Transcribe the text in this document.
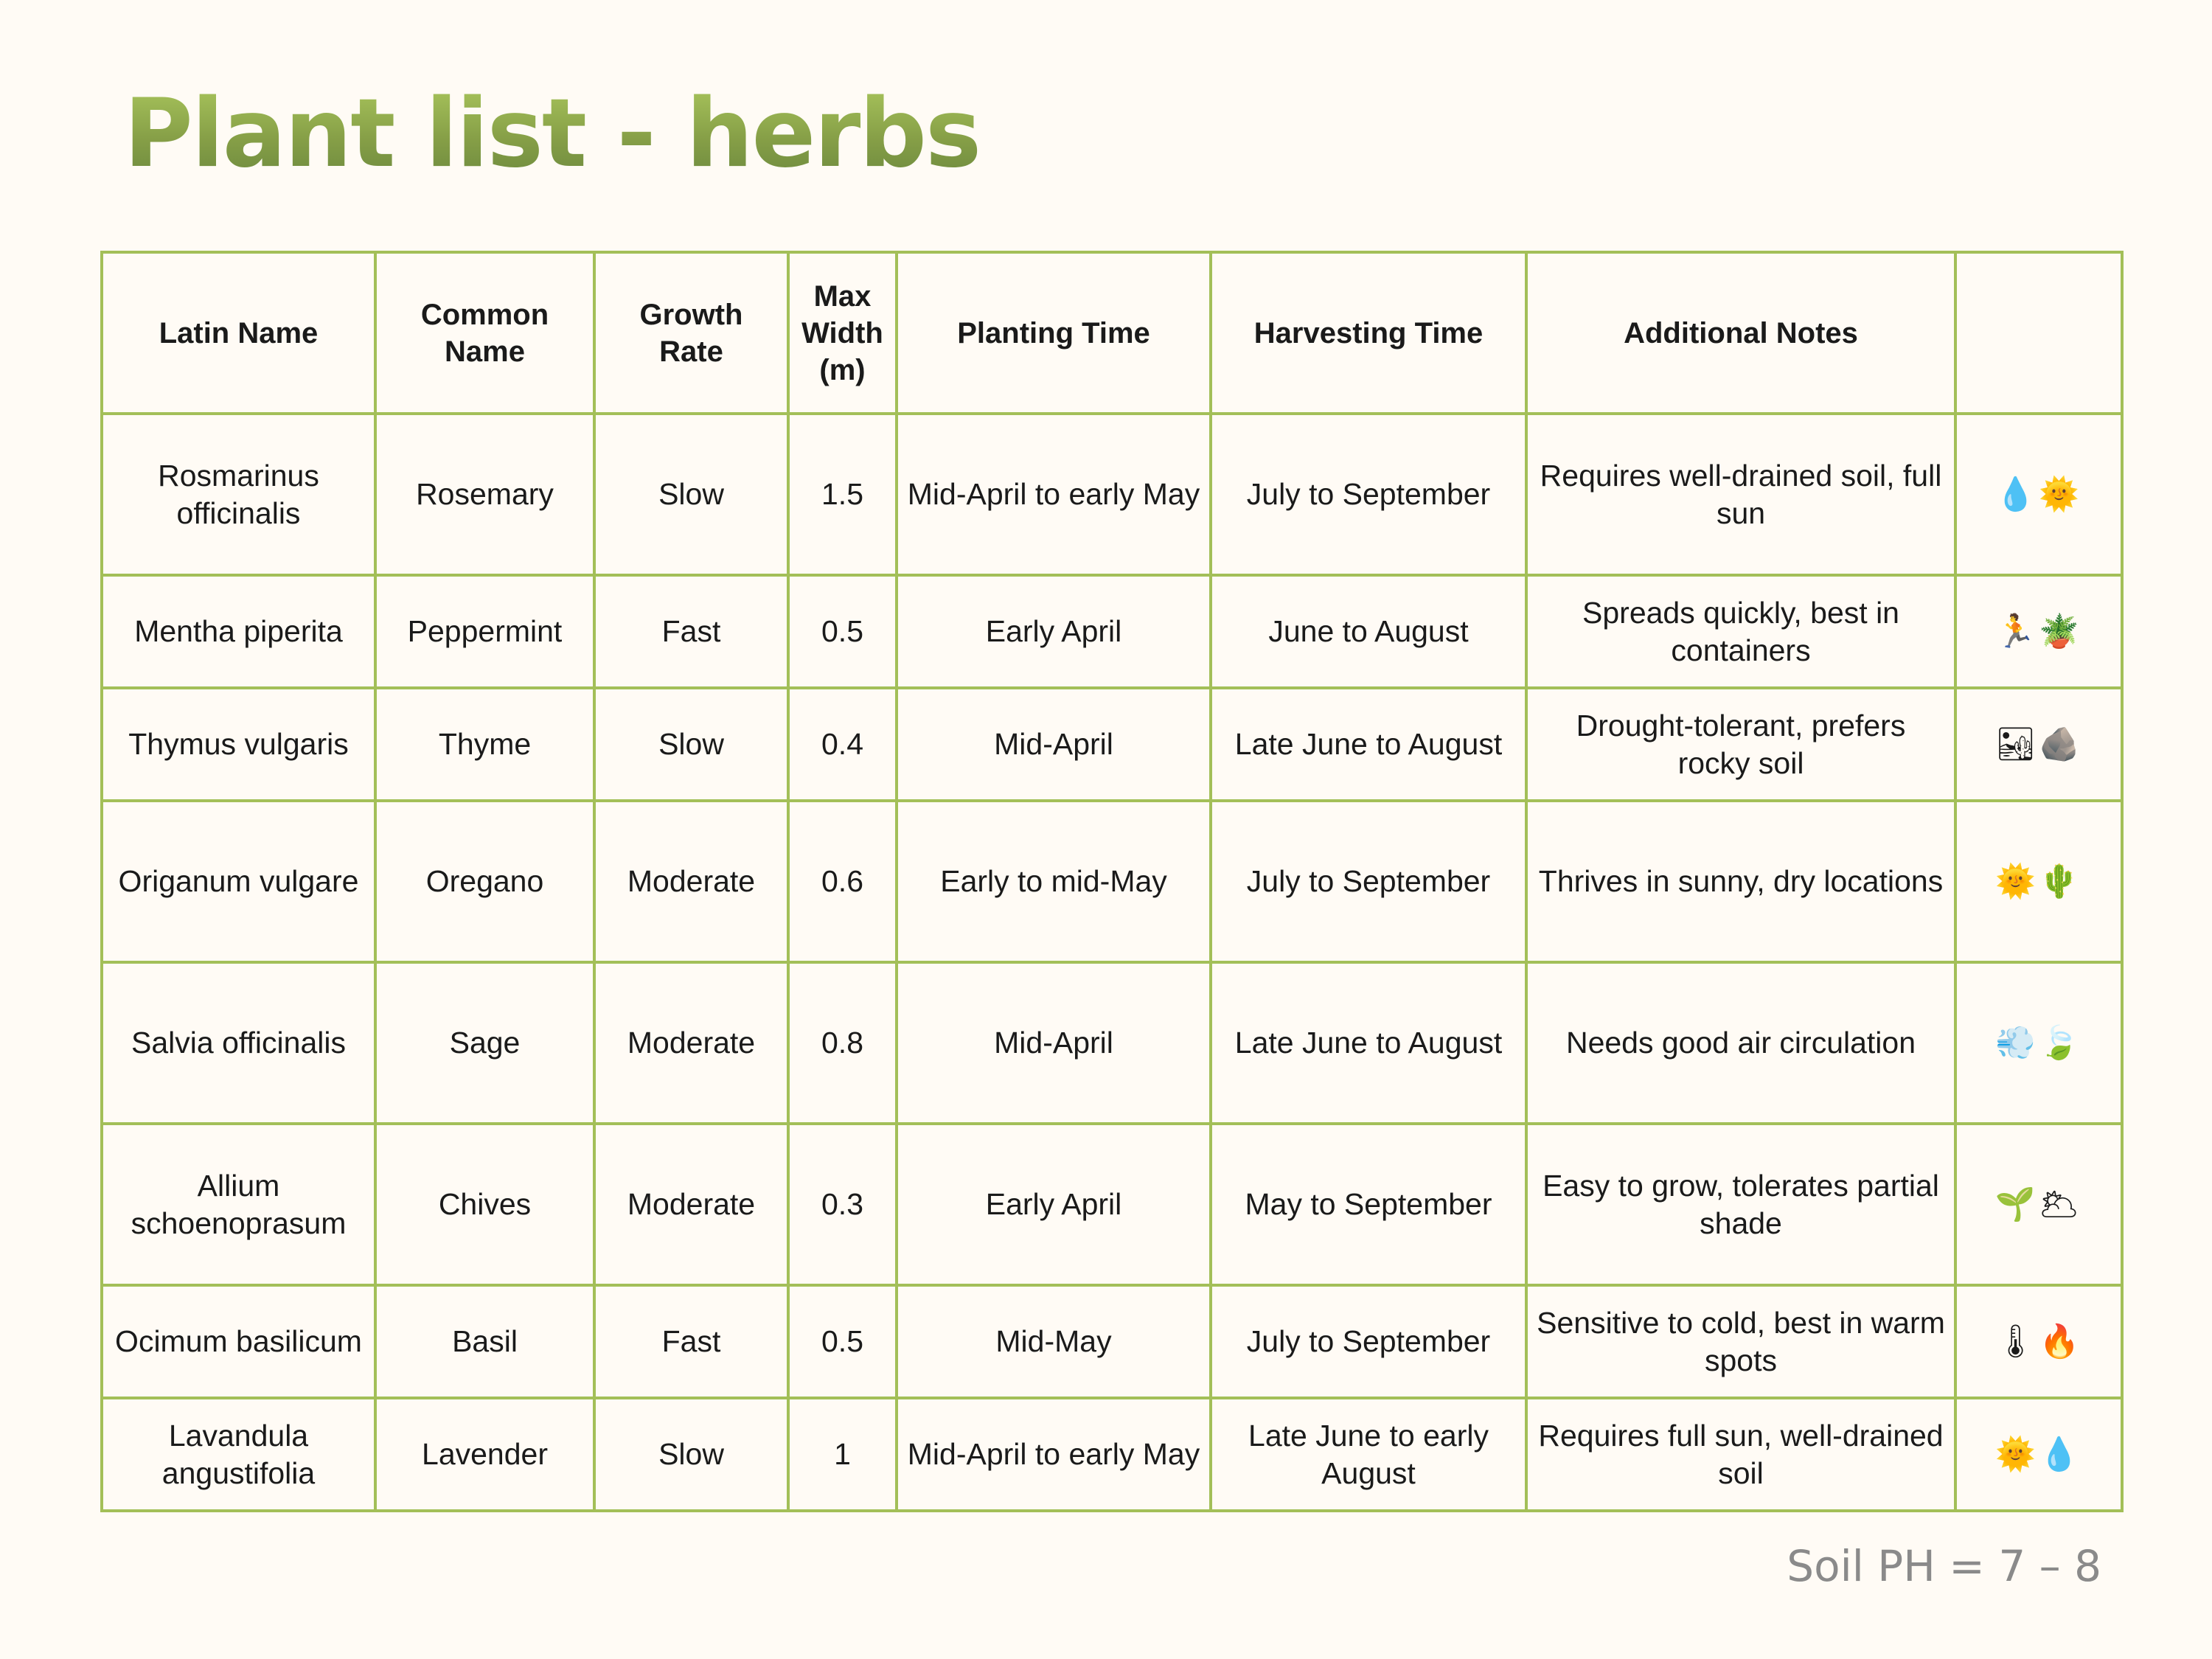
Plant list - herbs
Latin Name	Common Name	Growth Rate	Max Width (m)	Planting Time	Harvesting Time	Additional Notes	
Rosmarinus officinalis	Rosemary	Slow	1.5	Mid-April to early May	July to September	Requires well-drained soil, full sun	💧🌞
Mentha piperita	Peppermint	Fast	0.5	Early April	June to August	Spreads quickly, best in containers	🏃🪴
Thymus vulgaris	Thyme	Slow	0.4	Mid-April	Late June to August	Drought-tolerant, prefers rocky soil	🏜🪨
Origanum vulgare	Oregano	Moderate	0.6	Early to mid-May	July to September	Thrives in sunny, dry locations	🌞🌵
Salvia officinalis	Sage	Moderate	0.8	Mid-April	Late June to August	Needs good air circulation	💨🍃
Allium schoenoprasum	Chives	Moderate	0.3	Early April	May to September	Easy to grow, tolerates partial shade	🌱🌥
Ocimum basilicum	Basil	Fast	0.5	Mid-May	July to September	Sensitive to cold, best in warm spots	🌡🔥
Lavandula angustifolia	Lavender	Slow	1	Mid-April to early May	Late June to early August	Requires full sun, well-drained soil	🌞💧
Soil PH = 7 – 8
